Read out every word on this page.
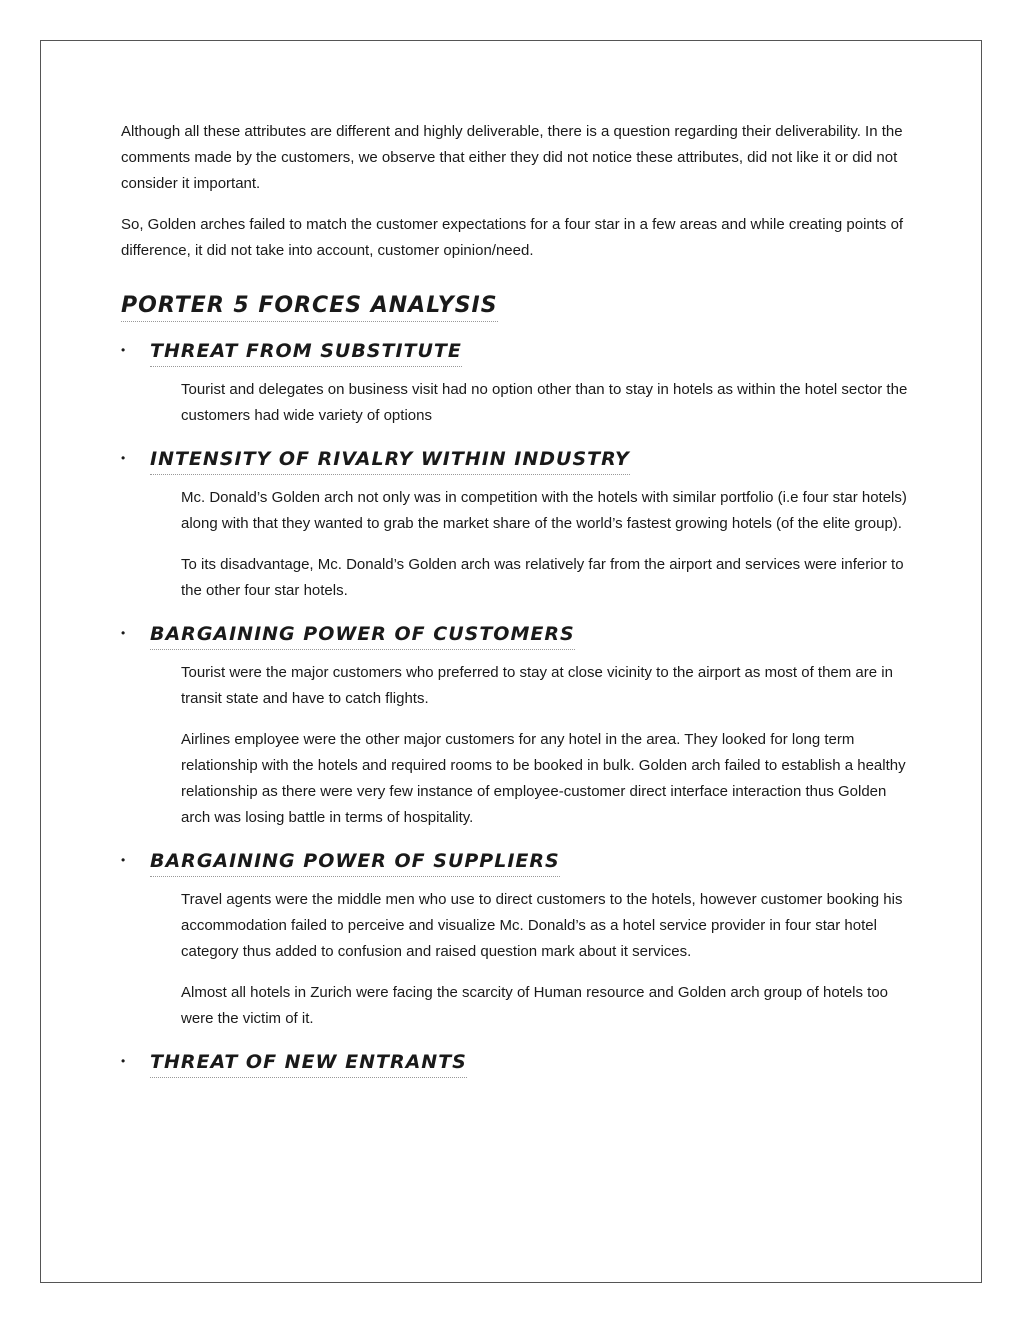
Although all these attributes are different and highly deliverable, there is a question regarding their deliverability. In the comments made by the customers, we observe that either they did not notice these attributes, did not like it or did not consider it important.

So, Golden arches failed to match the customer expectations for a four star in a few areas and while creating points of difference, it did not take into account, customer opinion/need.

PORTER 5 FORCES ANALYSIS
•	THREAT FROM SUBSTITUTE

Tourist and delegates on business visit had no option other than to stay in hotels as within the hotel sector the customers had wide variety of options

•	INTENSITY OF RIVALRY WITHIN INDUSTRY

Mc. Donald’s Golden arch not only was in competition with the hotels with similar portfolio (i.e four star hotels) along with that they wanted to grab the market share of the world’s fastest growing hotels (of the elite group).

To its disadvantage, Mc. Donald’s Golden arch was relatively far from the airport and services were inferior to the other four star hotels.

•	BARGAINING POWER OF CUSTOMERS

Tourist were the major customers who preferred to stay at close vicinity to the airport as most of them are in transit state and have to catch flights.

Airlines employee were the other major customers for any hotel in the area. They looked for long term relationship with the hotels and required rooms to be booked in bulk. Golden arch failed to establish a healthy relationship as there were very few instance of employee-customer direct interface interaction thus Golden arch was losing battle in terms of hospitality.

•	BARGAINING POWER OF SUPPLIERS

Travel agents were the middle men who use to direct customers to the hotels, however customer booking his accommodation failed to perceive and visualize Mc. Donald’s as a hotel service provider in four star hotel category thus added to confusion and raised question mark about it services.

Almost all hotels in Zurich were facing the scarcity of Human resource and Golden arch group of hotels too were the victim of it.

•	THREAT OF NEW ENTRANTS
